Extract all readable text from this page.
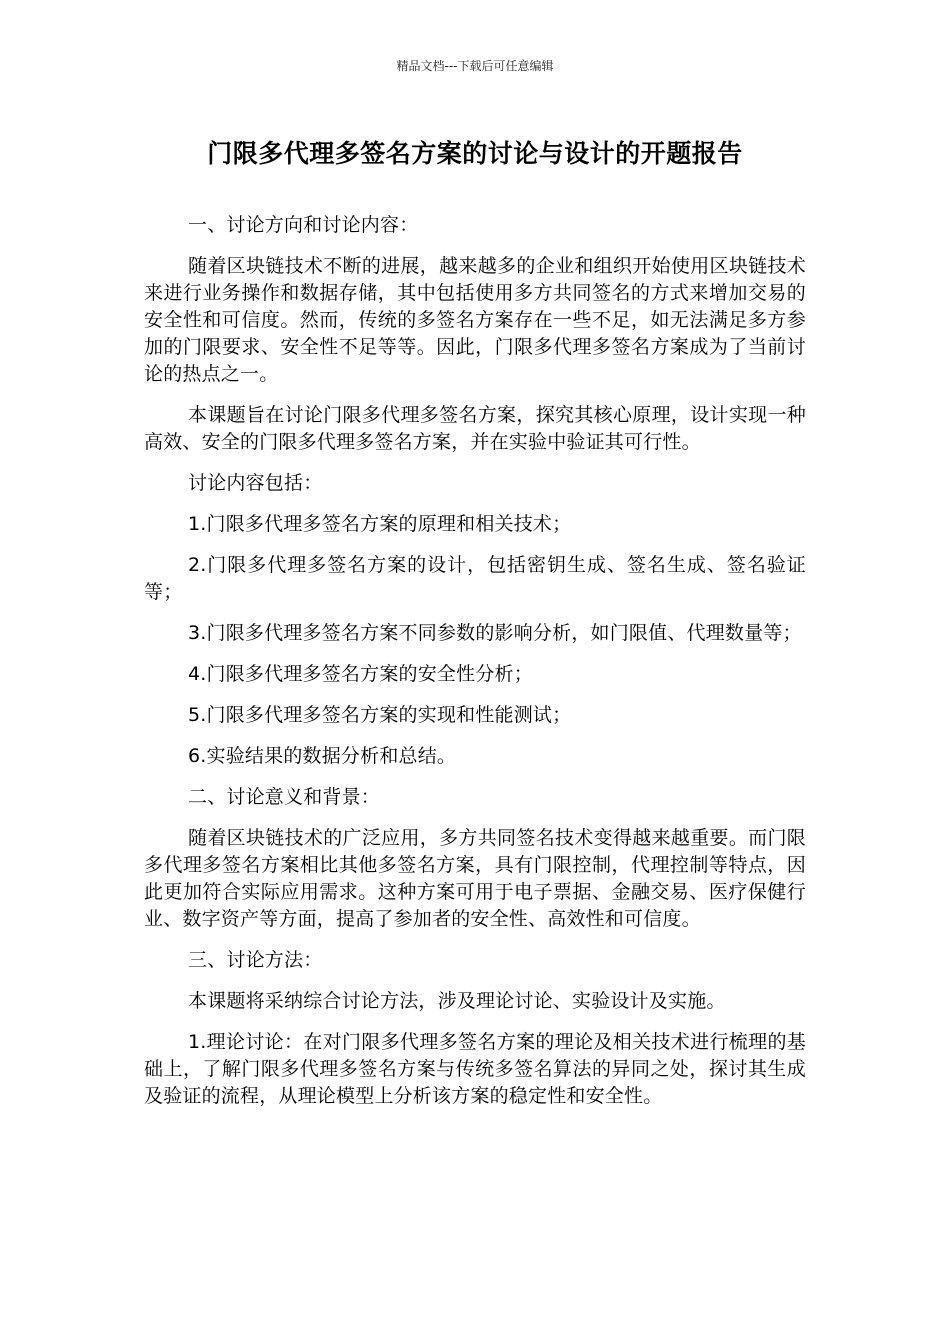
精品文档---下载后可任意编辑
门限多代理多签名方案的讨论与设计的开题报告

一、讨论方向和讨论内容：

随着区块链技术不断的进展，越来越多的企业和组织开始使用区块链技术来进行业务操作和数据存储，其中包括使用多方共同签名的方式来增加交易的安全性和可信度。然而，传统的多签名方案存在一些不足，如无法满足多方参加的门限要求、安全性不足等等。因此，门限多代理多签名方案成为了当前讨论的热点之一。

本课题旨在讨论门限多代理多签名方案，探究其核心原理，设计实现一种高效、安全的门限多代理多签名方案，并在实验中验证其可行性。

讨论内容包括：

1.门限多代理多签名方案的原理和相关技术；

2.门限多代理多签名方案的设计，包括密钥生成、签名生成、签名验证等；

3.门限多代理多签名方案不同参数的影响分析，如门限值、代理数量等；

4.门限多代理多签名方案的安全性分析；

5.门限多代理多签名方案的实现和性能测试；

6.实验结果的数据分析和总结。

二、讨论意义和背景：

随着区块链技术的广泛应用，多方共同签名技术变得越来越重要。而门限多代理多签名方案相比其他多签名方案，具有门限控制，代理控制等特点，因此更加符合实际应用需求。这种方案可用于电子票据、金融交易、医疗保健行业、数字资产等方面，提高了参加者的安全性、高效性和可信度。

三、讨论方法：

本课题将采纳综合讨论方法，涉及理论讨论、实验设计及实施。

1.理论讨论：在对门限多代理多签名方案的理论及相关技术进行梳理的基础上，了解门限多代理多签名方案与传统多签名算法的异同之处，探讨其生成及验证的流程，从理论模型上分析该方案的稳定性和安全性。
